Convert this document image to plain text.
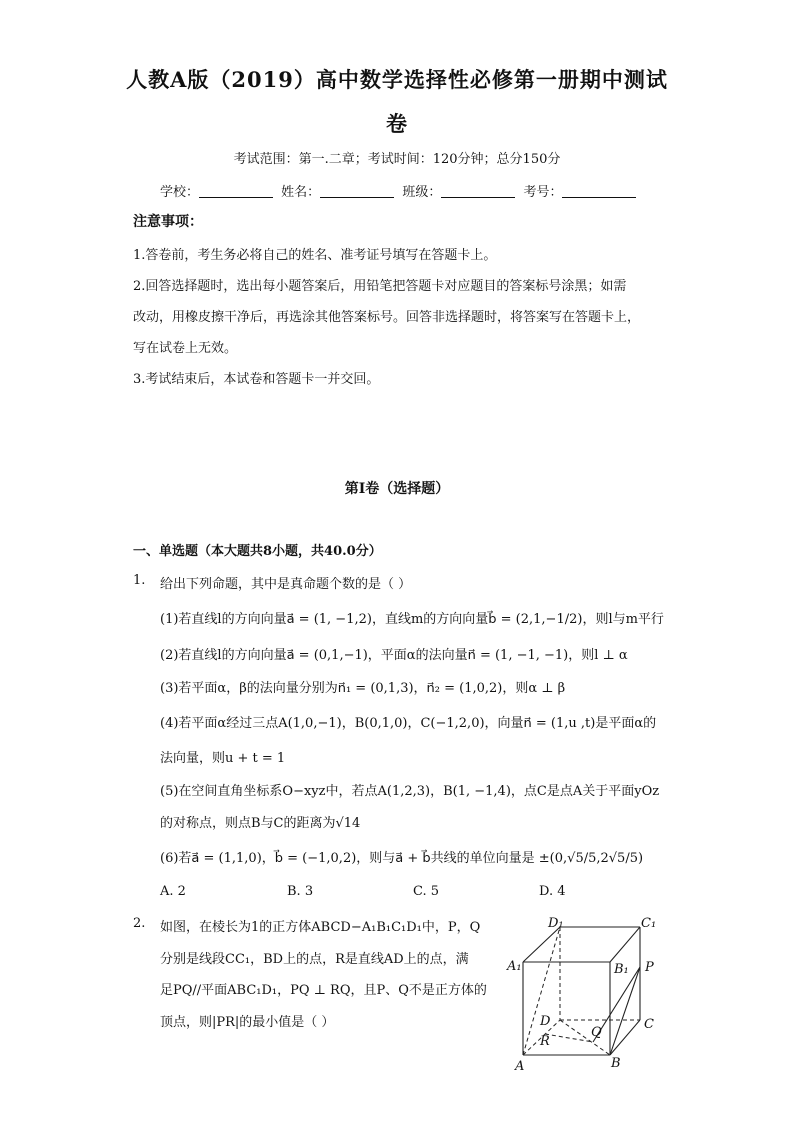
人教A版（2019）高中数学选择性必修第一册期中测试
卷
考试范围：第一.二章；考试时间：120分钟；总分150分
学校：	姓名：	班级：	考号：
注意事项：
1.答卷前，考生务必将自己的姓名、准考证号填写在答题卡上。
2.回答选择题时，选出每小题答案后，用铅笔把答题卡对应题目的答案标号涂黑；如需
改动，用橡皮擦干净后，再选涂其他答案标号。回答非选择题时，将答案写在答题卡上，
写在试卷上无效。
3.考试结束后，本试卷和答题卡一并交回。
第I卷（选择题）
一、单选题（本大题共8小题，共40.0分）
1. 给出下列命题，其中是真命题个数的是（ ）
(1)若直线l的方向向量a⃗ = (1, −1,2)，直线m的方向向量b⃗ = (2,1,−1/2)，则l与m平行
(2)若直线l的方向向量a⃗ = (0,1,−1)，平面α的法向量n⃗ = (1, −1, −1)，则l ⊥ α
(3)若平面α，β的法向量分别为n⃗₁ = (0,1,3)，n⃗₂ = (1,0,2)，则α ⊥ β
(4)若平面α经过三点A(1,0,−1)，B(0,1,0)，C(−1,2,0)，向量n⃗ = (1,u ,t)是平面α的
法向量，则u + t = 1
(5)在空间直角坐标系O−xyz中，若点A(1,2,3)，B(1, −1,4)，点C是点A关于平面yOz
的对称点，则点B与C的距离为√14
(6)若a⃗ = (1,1,0)，b⃗ = (−1,0,2)，则与a⃗ + b⃗共线的单位向量是 ±(0,√5/5,2√5/5)
A. 2	B. 3	C. 5	D. 4
2. 如图，在棱长为1的正方体ABCD−A₁B₁C₁D₁中，P，Q
分别是线段CC₁，BD上的点，R是直线AD上的点，满
足PQ//平面ABC₁D₁，PQ ⊥ RQ，且P、Q不是正方体的
顶点，则|PR|的最小值是（ ）
D₁	C₁
A₁	B₁ P
D	C
Q
R
A	B
